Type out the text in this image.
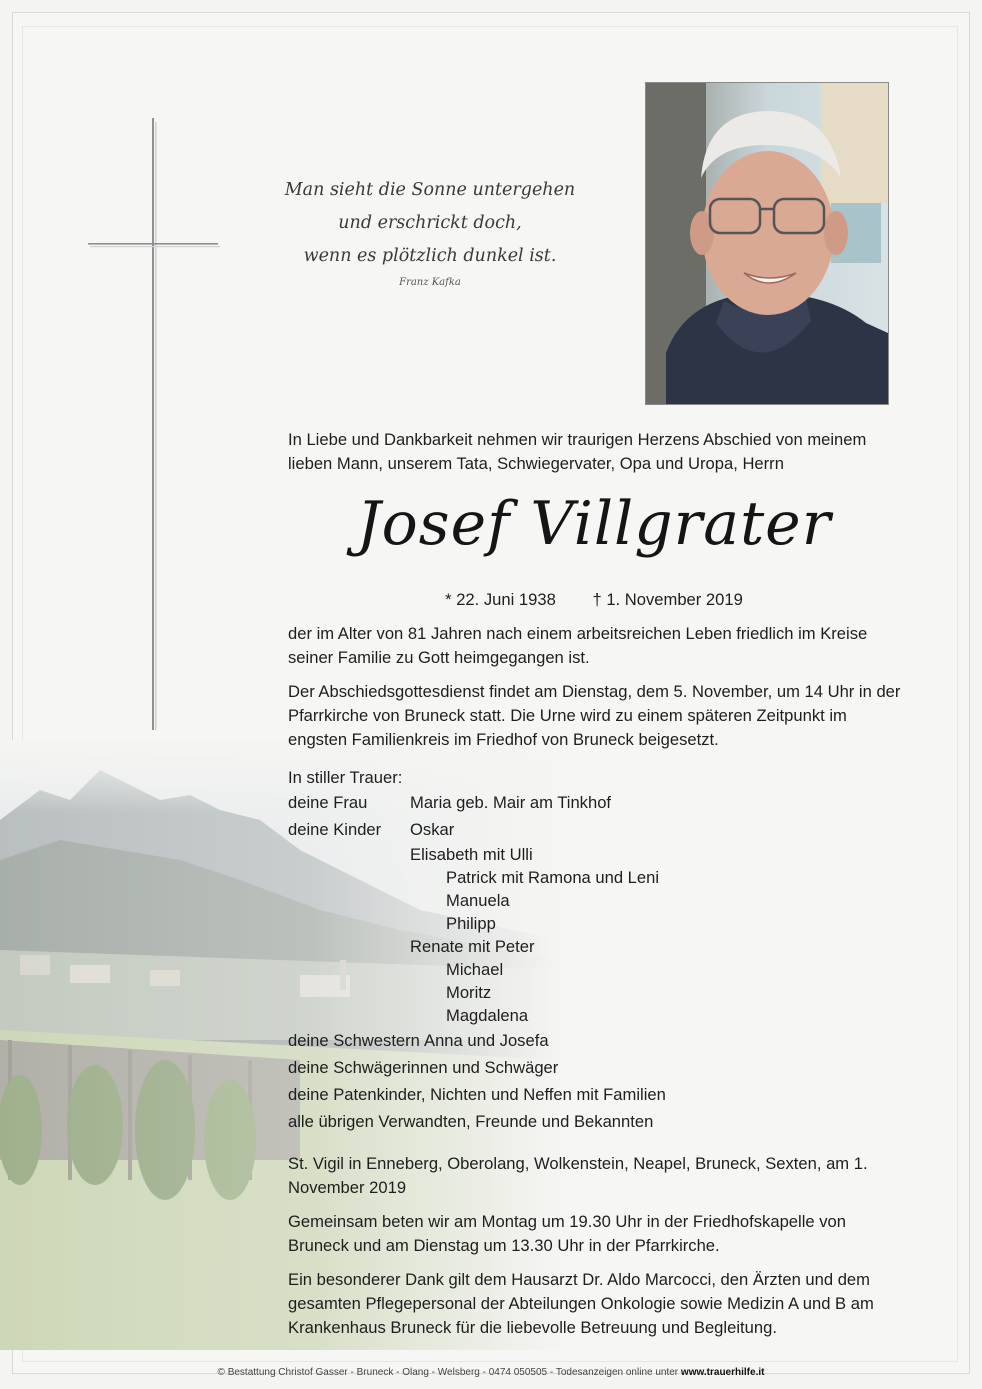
Man sieht die Sonne untergehen
und erschrickt doch,
wenn es plötzlich dunkel ist.
Franz Kafka

In Liebe und Dankbarkeit nehmen wir traurigen Herzens Abschied von meinem lieben Mann, unserem Tata, Schwiegervater, Opa und Uropa, Herrn

Josef Villgrater
* 22. Juni 1938 † 1. November 2019

der im Alter von 81 Jahren nach einem arbeitsreichen Leben friedlich im Kreise seiner Familie zu Gott heimgegangen ist.

Der Abschiedsgottesdienst findet am Dienstag, dem 5. November, um 14 Uhr in der Pfarrkirche von Bruneck statt. Die Urne wird zu einem späteren Zeitpunkt im engsten Familienkreis im Friedhof von Bruneck beigesetzt.

In stiller Trauer:
deine Frau	Maria geb. Mair am Tinkhof
deine Kinder Oskar
Elisabeth mit Ulli
Patrick mit Ramona und Leni
Manuela
Philipp
Renate mit Peter
Michael
Moritz
Magdalena
deine Schwestern Anna und Josefa
deine Schwägerinnen und Schwäger
deine Patenkinder, Nichten und Neffen mit Familien
alle übrigen Verwandten, Freunde und Bekannten

St. Vigil in Enneberg, Oberolang, Wolkenstein, Neapel, Bruneck, Sexten, am 1. November 2019

Gemeinsam beten wir am Montag um 19.30 Uhr in der Friedhofskapelle von Bruneck und am Dienstag um 13.30 Uhr in der Pfarrkirche.

Ein besonderer Dank gilt dem Hausarzt Dr. Aldo Marcocci, den Ärzten und dem gesamten Pflegepersonal der Abteilungen Onkologie sowie Medizin A und B am Krankenhaus Bruneck für die liebevolle Betreuung und Begleitung.

© Bestattung Christof Gasser - Bruneck - Olang - Welsberg - 0474 050505 - Todesanzeigen online unter www.trauerhilfe.it
